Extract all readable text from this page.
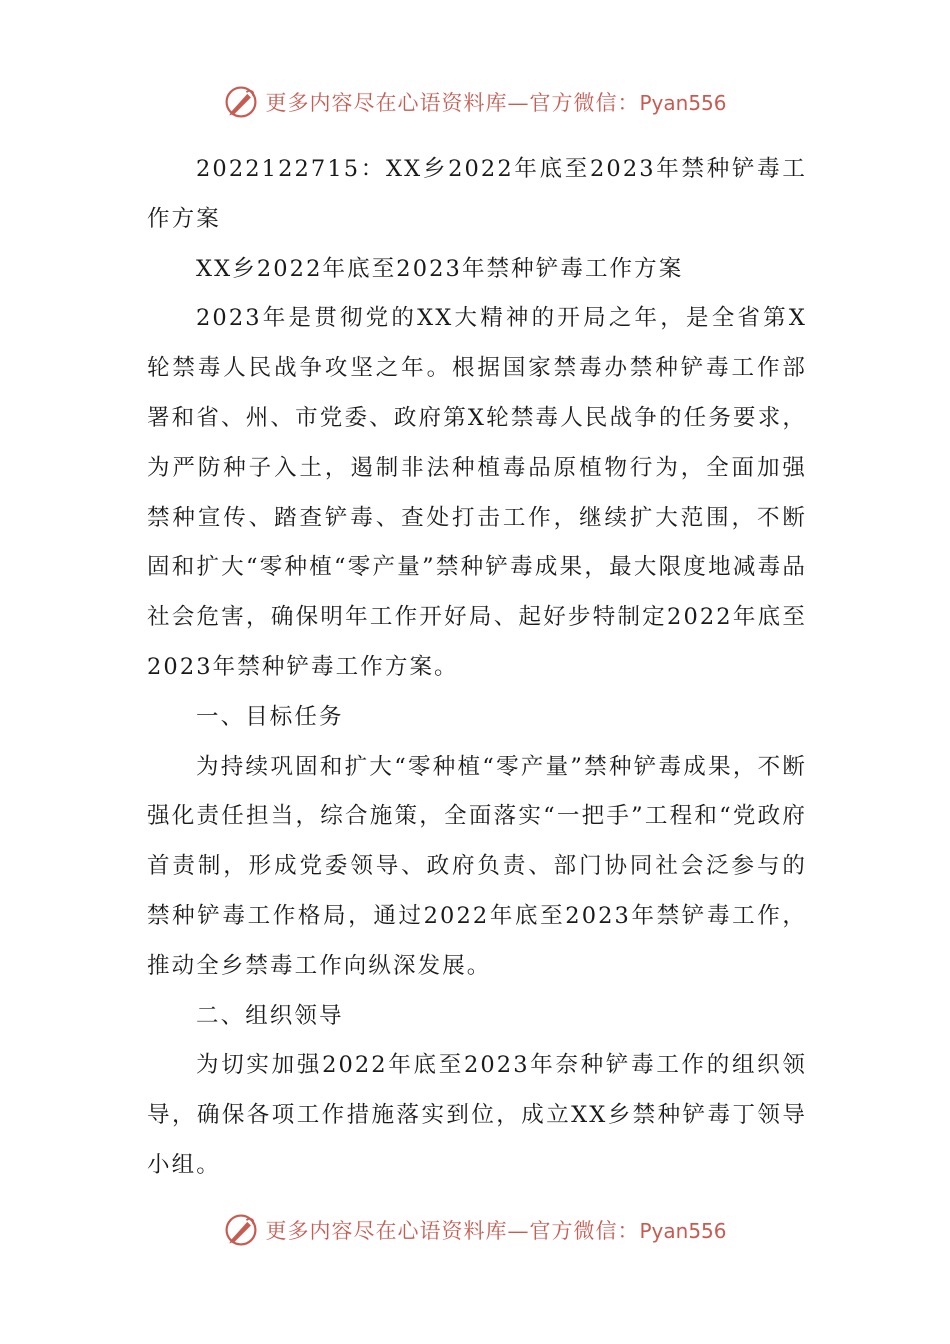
更多内容尽在心语资料库—官方微信：Pyan556

2022122715：XX乡2022年底至2023年禁种铲毒工作方案

XX乡2022年底至2023年禁种铲毒工作方案

2023年是贯彻党的XX大精神的开局之年，是全省第X轮禁毒人民战争攻坚之年。根据国家禁毒办禁种铲毒工作部署和省、州、市党委、政府第X轮禁毒人民战争的任务要求，为严防种子入土，遏制非法种植毒品原植物行为，全面加强禁种宣传、踏查铲毒、查处打击工作，继续扩大范围，不断固和扩大“零种植“零产量”禁种铲毒成果，最大限度地减毒品社会危害，确保明年工作开好局、起好步特制定2022年底至2023年禁种铲毒工作方案。

一、目标任务

为持续巩固和扩大“零种植“零产量”禁种铲毒成果，不断强化责任担当，综合施策，全面落实“一把手”工程和“党政府首责制，形成党委领导、政府负责、部门协同社会泛参与的禁种铲毒工作格局，通过2022年底至2023年禁铲毒工作，推动全乡禁毒工作向纵深发展。

二、组织领导

为切实加强2022年底至2023年奈种铲毒工作的组织领导，确保各项工作措施落实到位，成立XX乡禁种铲毒丁领导小组。

更多内容尽在心语资料库—官方微信：Pyan556
